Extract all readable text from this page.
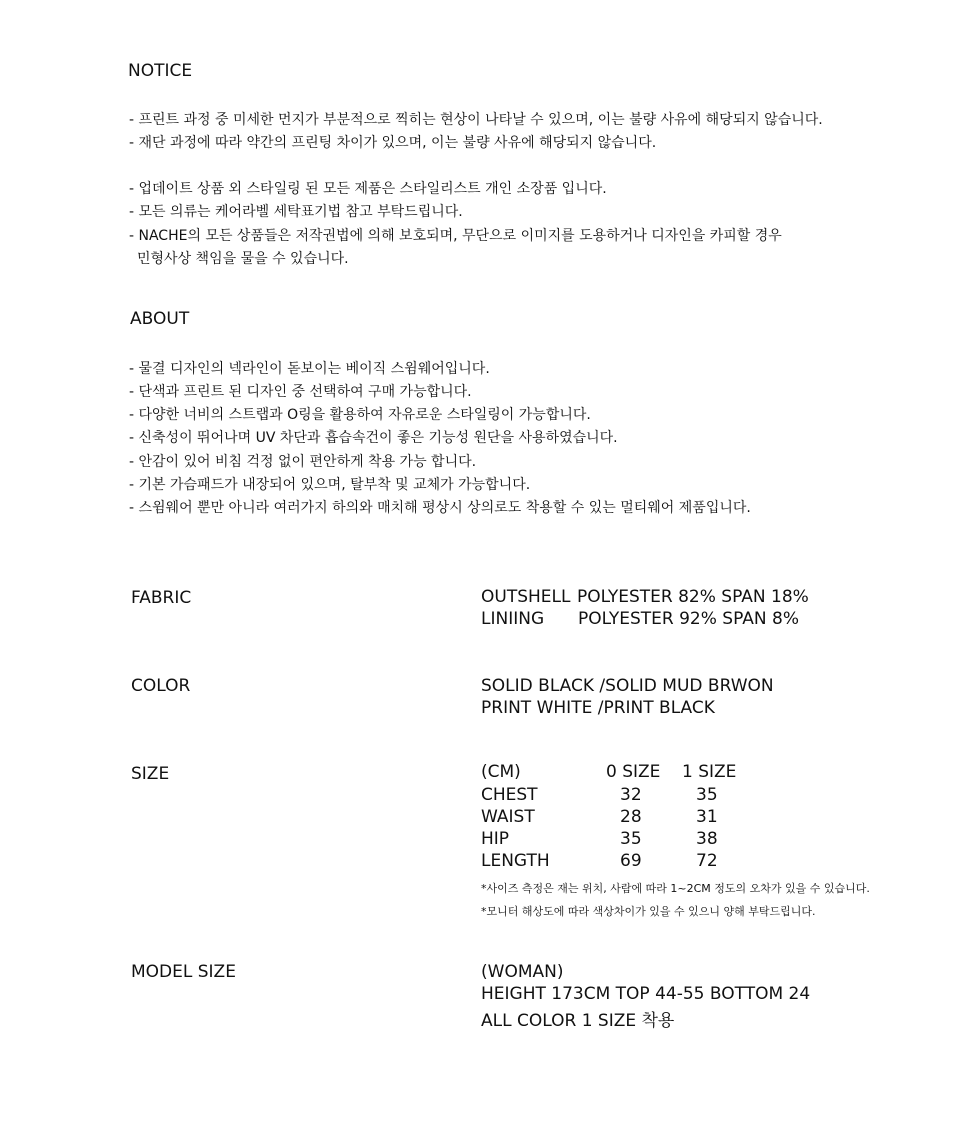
NOTICE
- 프린트 과정 중 미세한 먼지가 부분적으로 찍히는 현상이 나타날 수 있으며, 이는 불량 사유에 해당되지 않습니다.
- 재단 과정에 따라 약간의 프린팅 차이가 있으며, 이는 불량 사유에 해당되지 않습니다.
- 업데이트 상품 외 스타일링 된 모든 제품은 스타일리스트 개인 소장품 입니다.
- 모든 의류는 케어라벨 세탁표기법 참고 부탁드립니다.
- NACHE의 모든 상품들은 저작권법에 의해 보호되며, 무단으로 이미지를 도용하거나 디자인을 카피할 경우
민형사상 책임을 물을 수 있습니다.
ABOUT
- 물결 디자인의 넥라인이 돋보이는 베이직 스윔웨어입니다.
- 단색과 프린트 된 디자인 중 선택하여 구매 가능합니다.
- 다양한 너비의 스트랩과 O링을 활용하여 자유로운 스타일링이 가능합니다.
- 신축성이 뛰어나며 UV 차단과 흡습속건이 좋은 기능성 원단을 사용하였습니다.
- 안감이 있어 비침 걱정 없이 편안하게 착용 가능 합니다.
- 기본 가슴패드가 내장되어 있으며, 탈부착 및 교체가 가능합니다.
- 스윔웨어 뿐만 아니라 여러가지 하의와 매치해 평상시 상의로도 착용할 수 있는 멀티웨어 제품입니다.
FABRIC	OUTSHELL POLYESTER 82% SPAN 18%
LINIING POLYESTER 92% SPAN 8%
COLOR	SOLID BLACK /SOLID MUD BRWON
PRINT WHITE /PRINT BLACK
SIZE	(CM)	0 SIZE 1 SIZE
CHEST	32	35
WAIST	28	31
HIP	35	38
LENGTH	69	72
*사이즈 측정은 재는 위치, 사람에 따라 1~2CM 정도의 오차가 있을 수 있습니다.
*모니터 해상도에 따라 색상차이가 있을 수 있으니 양해 부탁드립니다.
MODEL SIZE	(WOMAN)
HEIGHT 173CM TOP 44-55 BOTTOM 24
ALL COLOR 1 SIZE 착용
